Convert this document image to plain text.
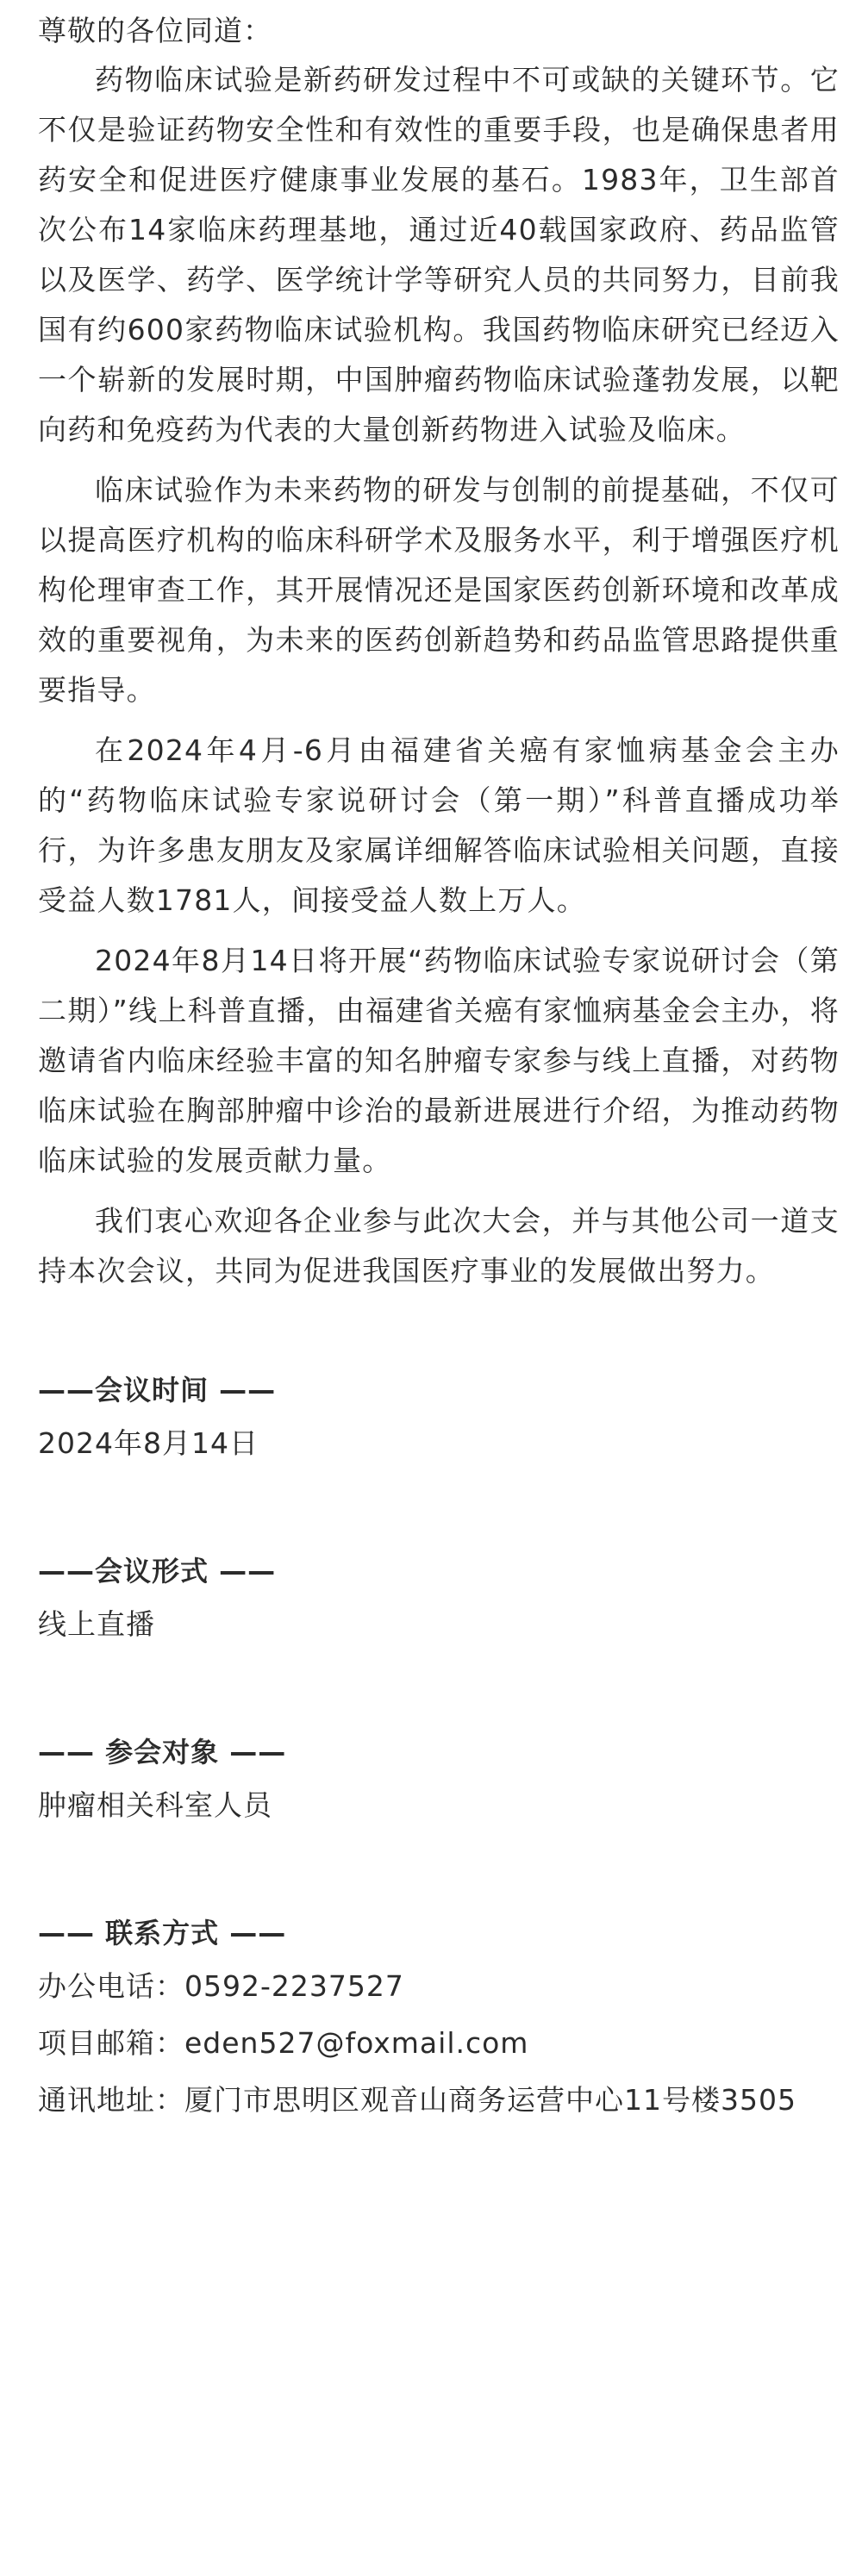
尊敬的各位同道：

药物临床试验是新药研发过程中不可或缺的关键环节。它不仅是验证药物安全性和有效性的重要手段，也是确保患者用药安全和促进医疗健康事业发展的基石。1983年，卫生部首次公布14家临床药理基地，通过近40载国家政府、药品监管以及医学、药学、医学统计学等研究人员的共同努力，目前我国有约600家药物临床试验机构。我国药物临床研究已经迈入一个崭新的发展时期，中国肿瘤药物临床试验蓬勃发展，以靶向药和免疫药为代表的大量创新药物进入试验及临床。

临床试验作为未来药物的研发与创制的前提基础，不仅可以提高医疗机构的临床科研学术及服务水平，利于增强医疗机构伦理审查工作，其开展情况还是国家医药创新环境和改革成效的重要视角，为未来的医药创新趋势和药品监管思路提供重要指导。

在2024年4月-6月由福建省关癌有家恤病基金会主办的“药物临床试验专家说研讨会（第一期）”科普直播成功举行，为许多患友朋友及家属详细解答临床试验相关问题，直接受益人数1781人，间接受益人数上万人。

2024年8月14日将开展“药物临床试验专家说研讨会（第二期）”线上科普直播，由福建省关癌有家恤病基金会主办，将邀请省内临床经验丰富的知名肿瘤专家参与线上直播，对药物临床试验在胸部肿瘤中诊治的最新进展进行介绍，为推动药物临床试验的发展贡献力量。

我们衷心欢迎各企业参与此次大会，并与其他公司一道支持本次会议，共同为促进我国医疗事业的发展做出努力。

——会议时间 ——

2024年8月14日

——会议形式 ——

线上直播

—— 参会对象 ——

肿瘤相关科室人员

—— 联系方式 ——

办公电话：0592-2237527

项目邮箱：eden527@foxmail.com

通讯地址：厦门市思明区观音山商务运营中心11号楼3505
